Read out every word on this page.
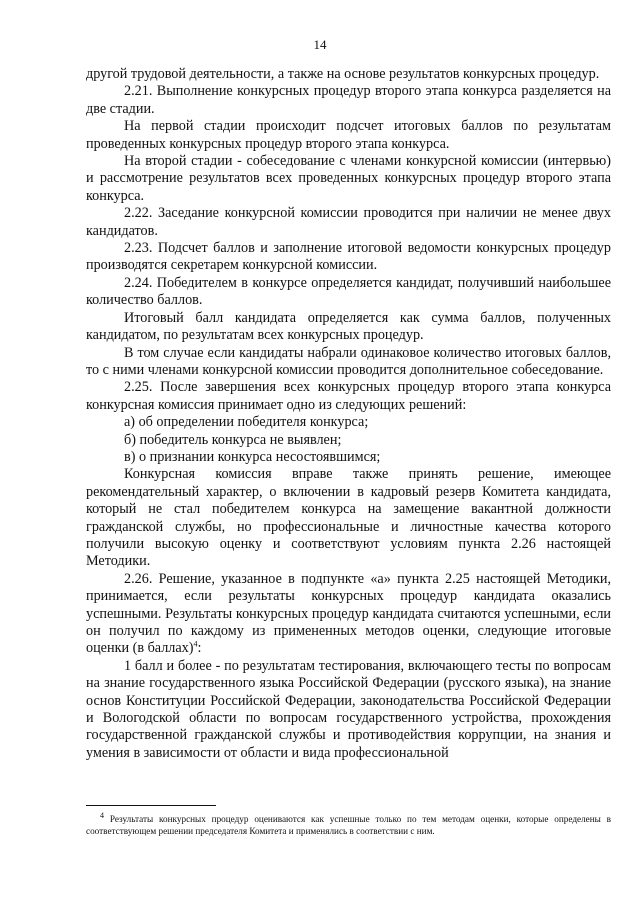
14

другой трудовой деятельности, а также на основе результатов конкурсных процедур.

2.21. Выполнение конкурсных процедур второго этапа конкурса разделяется на две стадии.

На первой стадии происходит подсчет итоговых баллов по результатам проведенных конкурсных процедур второго этапа конкурса.

На второй стадии - собеседование с членами конкурсной комиссии (интервью) и рассмотрение результатов всех проведенных конкурсных процедур второго этапа конкурса.

2.22. Заседание конкурсной комиссии проводится при наличии не менее двух кандидатов.

2.23. Подсчет баллов и заполнение итоговой ведомости конкурсных процедур производятся секретарем конкурсной комиссии.

2.24. Победителем в конкурсе определяется кандидат, получивший наибольшее количество баллов.

Итоговый балл кандидата определяется как сумма баллов, полученных кандидатом, по результатам всех конкурсных процедур.

В том случае если кандидаты набрали одинаковое количество итоговых баллов, то с ними членами конкурсной комиссии проводится дополнительное собеседование.

2.25. После завершения всех конкурсных процедур второго этапа конкурса конкурсная комиссия принимает одно из следующих решений:

а) об определении победителя конкурса;

б) победитель конкурса не выявлен;

в) о признании конкурса несостоявшимся;

Конкурсная комиссия вправе также принять решение, имеющее рекомендательный характер, о включении в кадровый резерв Комитета кандидата, который не стал победителем конкурса на замещение вакантной должности гражданской службы, но профессиональные и личностные качества которого получили высокую оценку и соответствуют условиям пункта 2.26 настоящей Методики.

2.26. Решение, указанное в подпункте «а» пункта 2.25 настоящей Методики, принимается, если результаты конкурсных процедур кандидата оказались успешными. Результаты конкурсных процедур кандидата считаются успешными, если он получил по каждому из примененных методов оценки, следующие итоговые оценки (в баллах)$^4$:

1 балл и более - по результатам тестирования, включающего тесты по вопросам на знание государственного языка Российской Федерации (русского языка), на знание основ Конституции Российской Федерации, законодательства Российской Федерации и Вологодской области по вопросам государственного устройства, прохождения государственной гражданской службы и противодействия коррупции, на знания и умения в зависимости от области и вида профессиональной

$^4$ Результаты конкурсных процедур оцениваются как успешные только по тем методам оценки, которые определены в соответствующем решении председателя Комитета и применялись в соответствии с ним.
